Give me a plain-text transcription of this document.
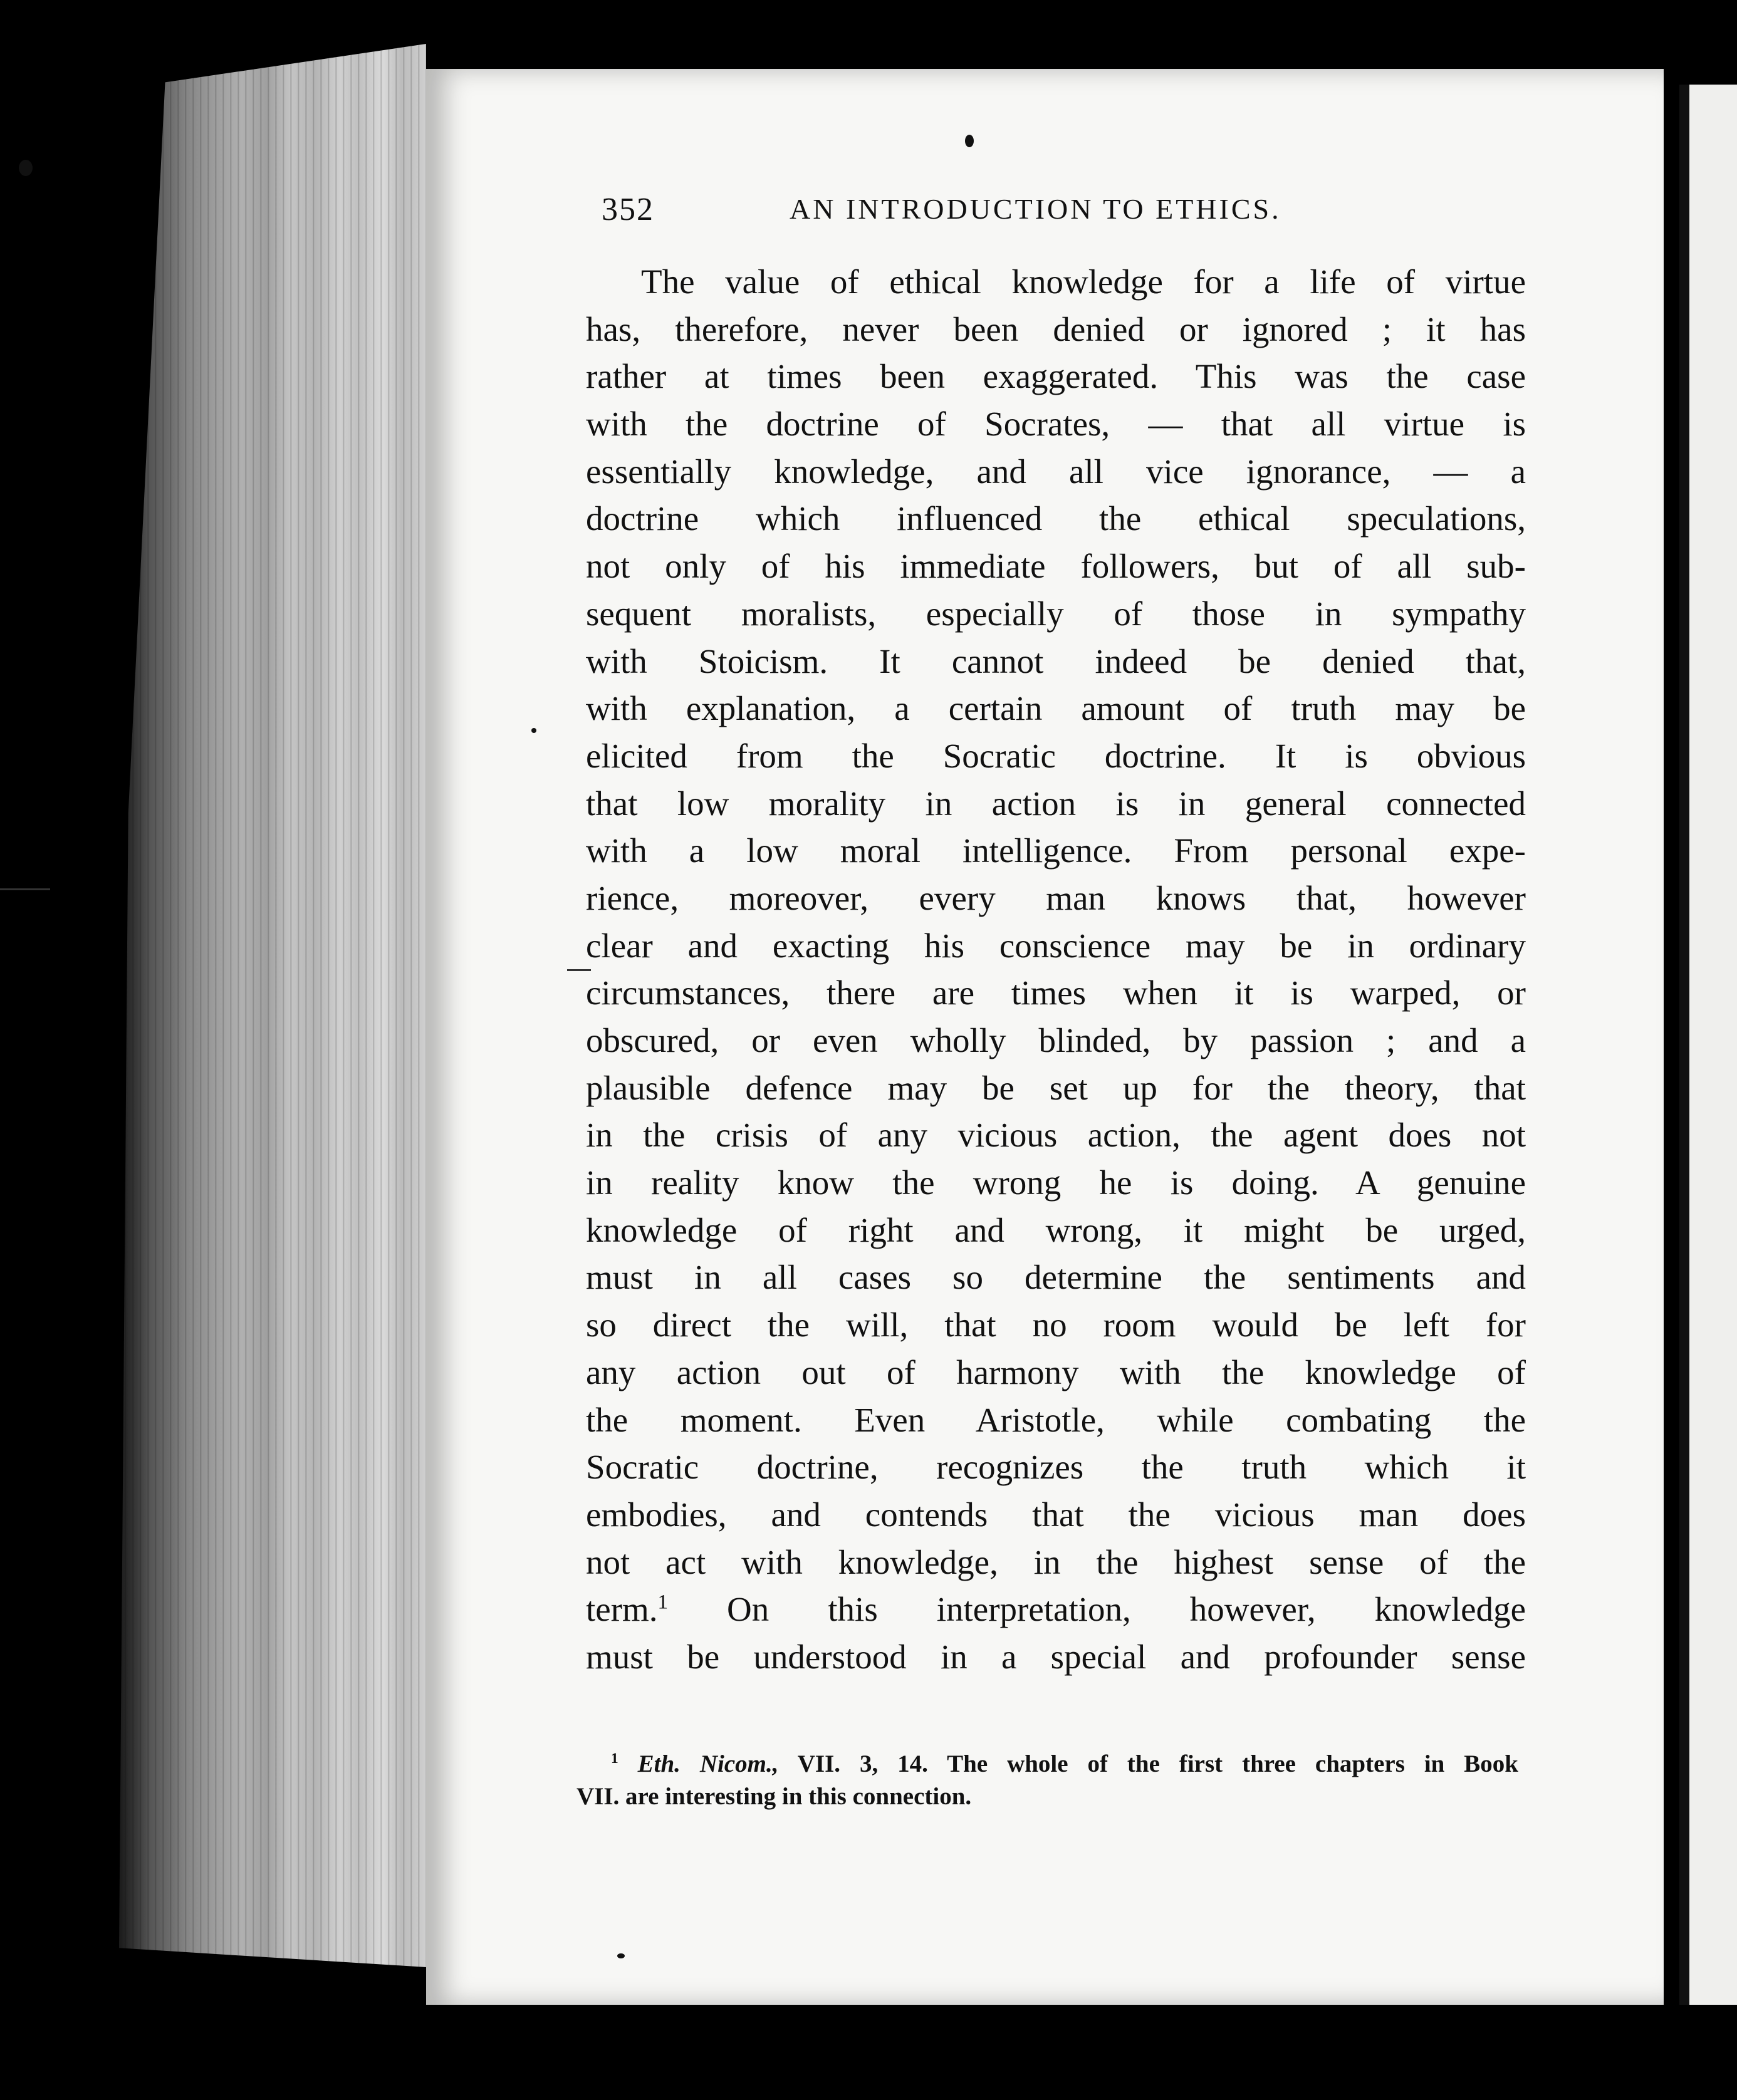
352	AN INTRODUCTION TO ETHICS.
The value of ethical knowledge for a life of virtue
has, therefore, never been denied or ignored ; it has
rather at times been exaggerated. This was the case
with the doctrine of Socrates, — that all virtue is
essentially knowledge, and all vice ignorance, — a
doctrine which influenced the ethical speculations,
not only of his immediate followers, but of all sub-
sequent moralists, especially of those in sympathy
with Stoicism. It cannot indeed be denied that,
with explanation, a certain amount of truth may be
elicited from the Socratic doctrine. It is obvious
that low morality in action is in general connected
with a low moral intelligence. From personal expe-
rience, moreover, every man knows that, however
clear and exacting his conscience may be in ordinary
circumstances, there are times when it is warped, or
obscured, or even wholly blinded, by passion ; and a
plausible defence may be set up for the theory, that
in the crisis of any vicious action, the agent does not
in reality know the wrong he is doing. A genuine
knowledge of right and wrong, it might be urged,
must in all cases so determine the sentiments and
so direct the will, that no room would be left for
any action out of harmony with the knowledge of
the moment. Even Aristotle, while combating the
Socratic doctrine, recognizes the truth which it
embodies, and contends that the vicious man does
not act with knowledge, in the highest sense of the
term.$^1$ On this interpretation, however, knowledge
must be understood in a special and profounder sense
$^1$ Eth. Nicom., VII. 3, 14. The whole of the first three chapters in Book
VII. are interesting in this connection.
